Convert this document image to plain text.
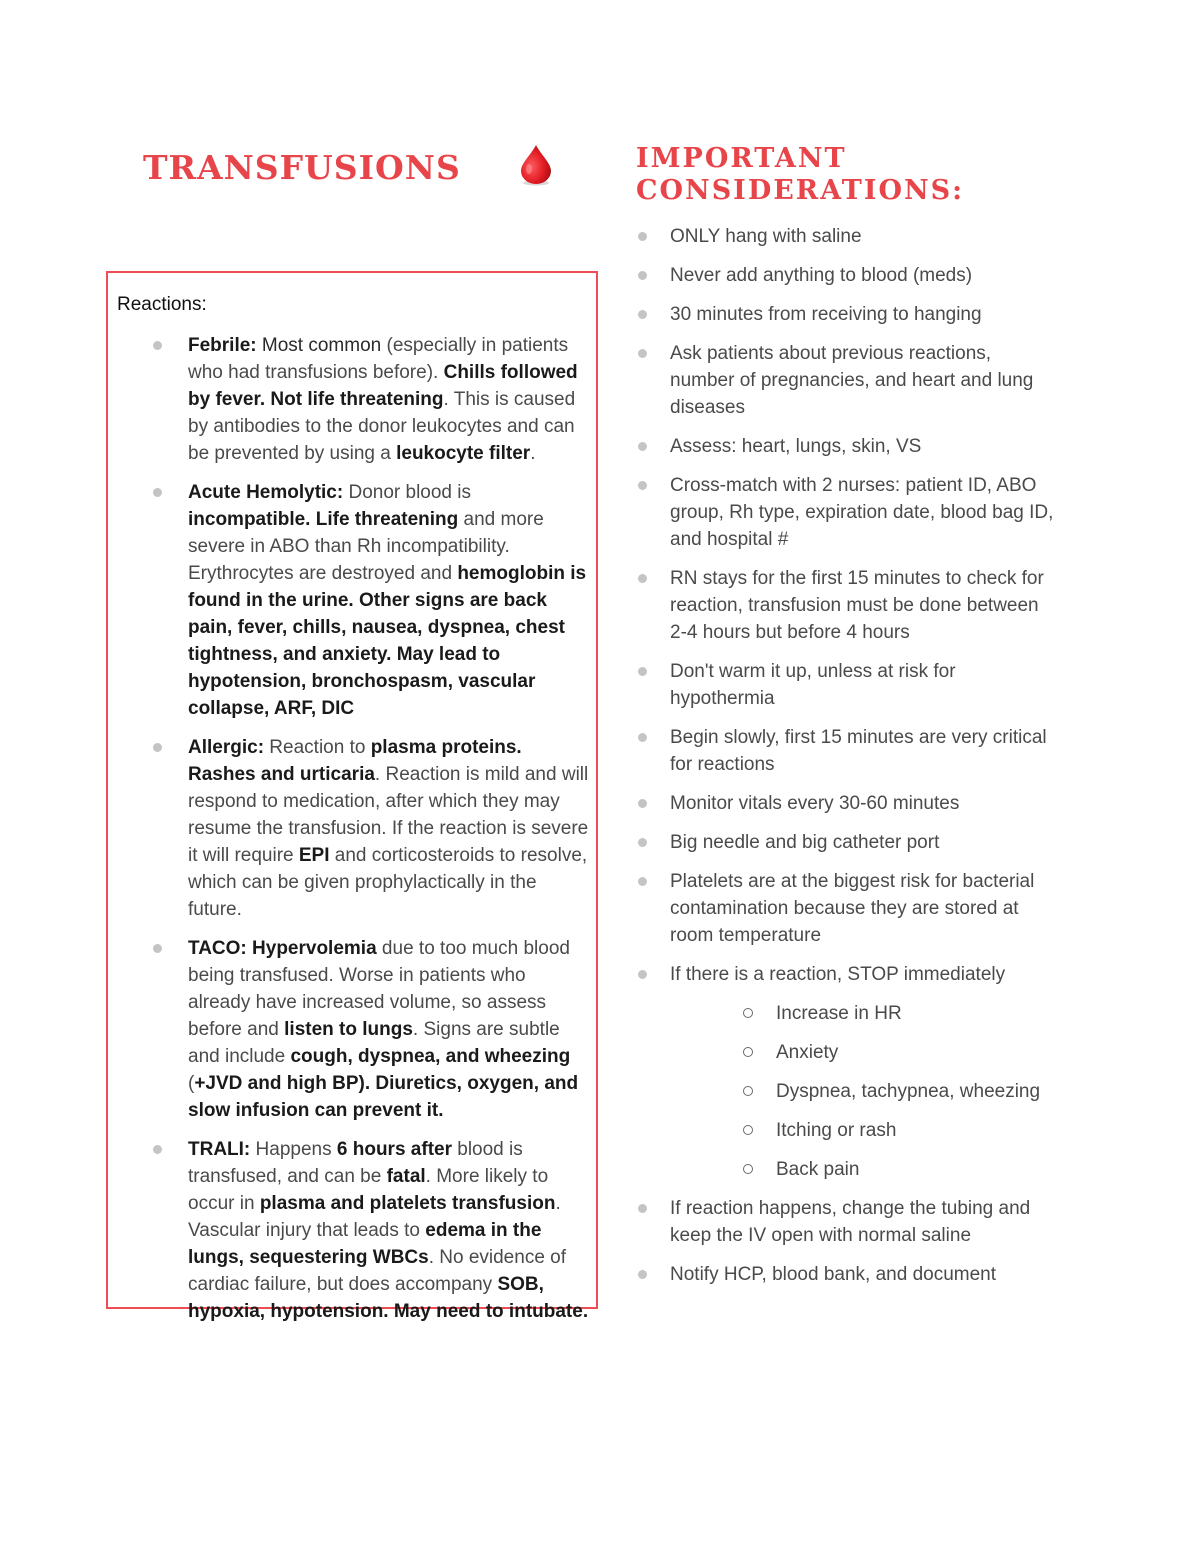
TRANSFUSIONS	IMPORTANT
CONSIDERATIONS:
Reactions:
Febrile: Most common (especially in patients who had transfusions before). Chills followed by fever. Not life threatening. This is caused by antibodies to the donor leukocytes and can be prevented by using a leukocyte filter.
Acute Hemolytic: Donor blood is incompatible. Life threatening and more severe in ABO than Rh incompatibility. Erythrocytes are destroyed and hemoglobin is found in the urine. Other signs are back pain, fever, chills, nausea, dyspnea, chest tightness, and anxiety. May lead to hypotension, bronchospasm, vascular collapse, ARF, DIC
Allergic: Reaction to plasma proteins. Rashes and urticaria. Reaction is mild and will respond to medication, after which they may resume the transfusion. If the reaction is severe it will require EPI and corticosteroids to resolve, which can be given prophylactically in the future.
TACO: Hypervolemia due to too much blood being transfused. Worse in patients who already have increased volume, so assess before and listen to lungs. Signs are subtle and include cough, dyspnea, and wheezing (+JVD and high BP). Diuretics, oxygen, and slow infusion can prevent it.
TRALI: Happens 6 hours after blood is transfused, and can be fatal. More likely to occur in plasma and platelets transfusion. Vascular injury that leads to edema in the lungs, sequestering WBCs. No evidence of cardiac failure, but does accompany SOB, hypoxia, hypotension. May need to intubate.
ONLY hang with saline
Never add anything to blood (meds)
30 minutes from receiving to hanging
Ask patients about previous reactions, number of pregnancies, and heart and lung diseases
Assess: heart, lungs, skin, VS
Cross-match with 2 nurses: patient ID, ABO group, Rh type, expiration date, blood bag ID, and hospital #
RN stays for the first 15 minutes to check for reaction, transfusion must be done between 2-4 hours but before 4 hours
Don't warm it up, unless at risk for hypothermia
Begin slowly, first 15 minutes are very critical for reactions
Monitor vitals every 30-60 minutes
Big needle and big catheter port
Platelets are at the biggest risk for bacterial contamination because they are stored at room temperature
If there is a reaction, STOP immediately
Increase in HR
Anxiety
Dyspnea, tachypnea, wheezing
Itching or rash
Back pain
If reaction happens, change the tubing and keep the IV open with normal saline
Notify HCP, blood bank, and document
